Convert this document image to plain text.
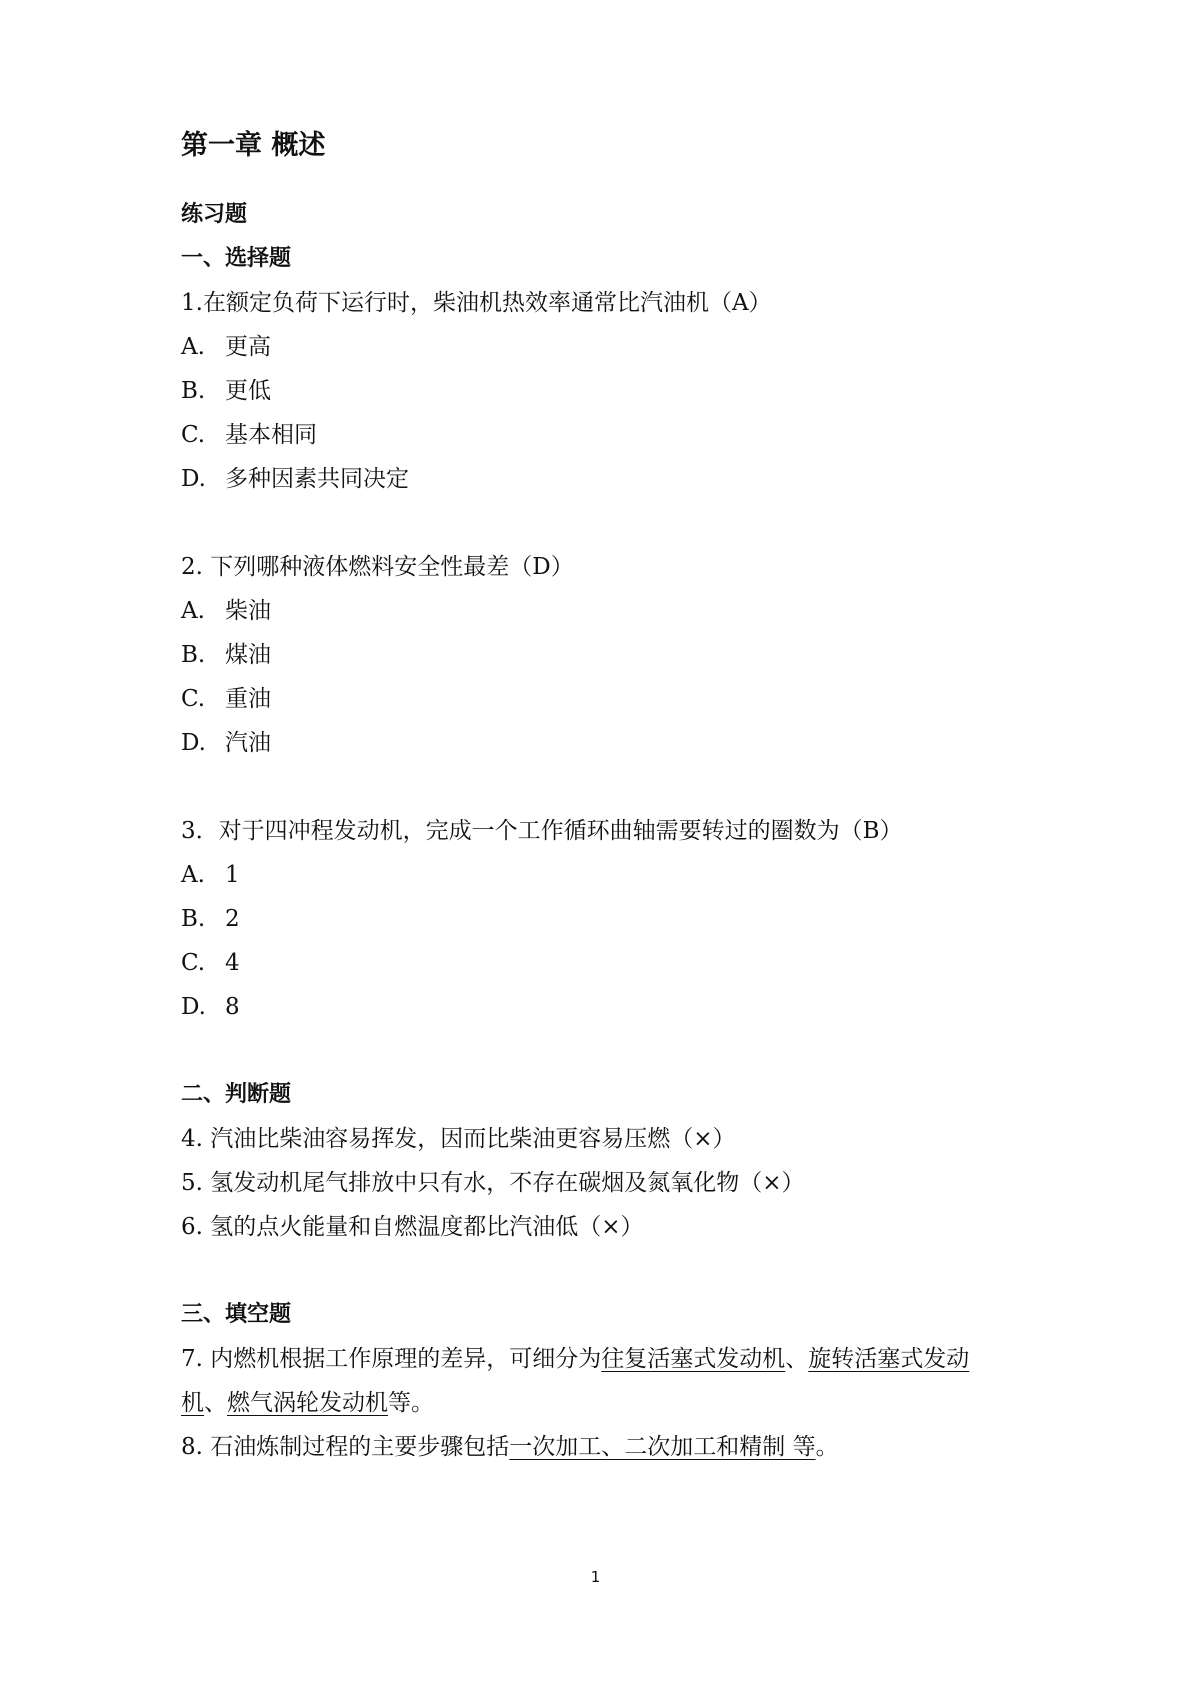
第一章 概述
练习题
一、选择题
1.在额定负荷下运行时，柴油机热效率通常比汽油机（A）
A. 更高
B. 更低
C. 基本相同
D. 多种因素共同决定
2. 下列哪种液体燃料安全性最差（D）
A. 柴油
B. 煤油
C. 重油
D. 汽油
3．对于四冲程发动机，完成一个工作循环曲轴需要转过的圈数为（B）
A. 1
B. 2
C. 4
D. 8
二、判断题
4. 汽油比柴油容易挥发，因而比柴油更容易压燃（×）
5. 氢发动机尾气排放中只有水，不存在碳烟及氮氧化物（×）
6. 氢的点火能量和自燃温度都比汽油低（×）
三、填空题
7. 内燃机根据工作原理的差异，可细分为往复活塞式发动机、旋转活塞式发动
机、燃气涡轮发动机等。
8. 石油炼制过程的主要步骤包括一次加工、二次加工和精制 等。
1
